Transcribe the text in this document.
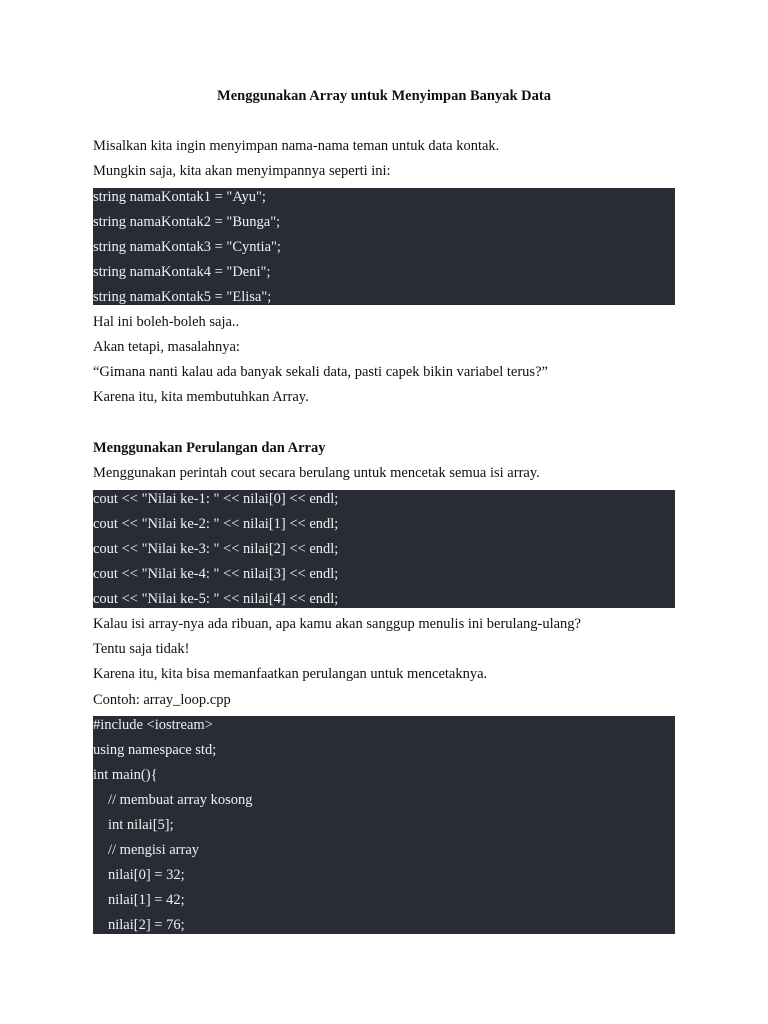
Menggunakan Array untuk Menyimpan Banyak Data
Misalkan kita ingin menyimpan nama-nama teman untuk data kontak.
Mungkin saja, kita akan menyimpannya seperti ini:
string namaKontak1 = "Ayu";
string namaKontak2 = "Bunga";
string namaKontak3 = "Cyntia";
string namaKontak4 = "Deni";
string namaKontak5 = "Elisa";
Hal ini boleh-boleh saja..
Akan tetapi, masalahnya:
“Gimana nanti kalau ada banyak sekali data, pasti capek bikin variabel terus?”
Karena itu, kita membutuhkan Array.
Menggunakan Perulangan dan Array
Menggunakan perintah cout secara berulang untuk mencetak semua isi array.
cout << "Nilai ke-1: " << nilai[0] << endl;
cout << "Nilai ke-2: " << nilai[1] << endl;
cout << "Nilai ke-3: " << nilai[2] << endl;
cout << "Nilai ke-4: " << nilai[3] << endl;
cout << "Nilai ke-5: " << nilai[4] << endl;
Kalau isi array-nya ada ribuan, apa kamu akan sanggup menulis ini berulang-ulang?
Tentu saja tidak!
Karena itu, kita bisa memanfaatkan perulangan untuk mencetaknya.
Contoh: array_loop.cpp
#include <iostream>
using namespace std;
int main(){
// membuat array kosong
int nilai[5];
// mengisi array
nilai[0] = 32;
nilai[1] = 42;
nilai[2] = 76;
